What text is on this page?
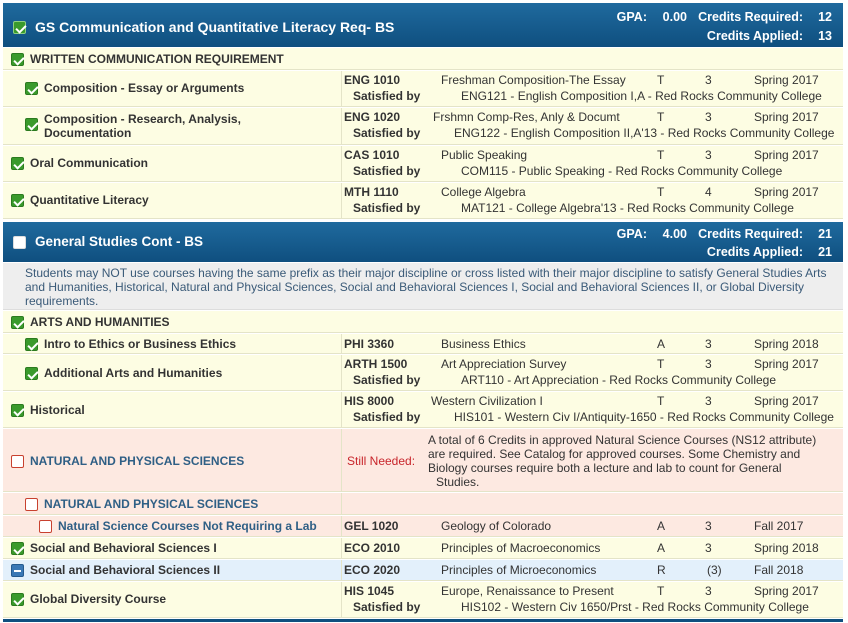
GS Communication and Quantitative Literacy Req- BS
GPA: 0.00 Credits Required: 12
Credits Applied: 13
WRITTEN COMMUNICATION REQUIREMENT
Composition - Essay or Arguments
ENG 1010	Freshman Composition-The Essay	T	3	Spring 2017
Satisfied by	ENG121 - English Composition I,A - Red Rocks Community College
Composition - Research, Analysis,
Documentation
ENG 1020	Frshmn Comp-Res, Anly & Documt	T	3	Spring 2017
Satisfied by	ENG122 - English Composition II,A'13 - Red Rocks Community College
Oral Communication
CAS 1010	Public Speaking	T	3	Spring 2017
Satisfied by	COM115 - Public Speaking - Red Rocks Community College
Quantitative Literacy
MTH 1110	College Algebra	T	4	Spring 2017
Satisfied by	MAT121 - College Algebra'13 - Red Rocks Community College
General Studies Cont - BS	GPA: 4.00 Credits Required: 21
Credits Applied: 21
Students may NOT use courses having the same prefix as their major discipline or cross listed with their major discipline to satisfy General Studies Arts
and Humanities, Historical, Natural and Physical Sciences, Social and Behavioral Sciences I, Social and Behavioral Sciences II, or Global Diversity
requirements.
ARTS AND HUMANITIES
Intro to Ethics or Business Ethics	PHI 3360	Business Ethics	A	3	Spring 2018
Additional Arts and Humanities
ARTH 1500	Art Appreciation Survey	T	3	Spring 2017
Satisfied by	ART110 - Art Appreciation - Red Rocks Community College
Historical
HIS 8000	Western Civilization I	T	3	Spring 2017
Satisfied by	HIS101 - Western Civ I/Antiquity-1650 - Red Rocks Community College
NATURAL AND PHYSICAL SCIENCES	Still Needed:
A total of 6 Credits in approved Natural Science Courses (NS12 attribute)
are required. See Catalog for approved courses. Some Chemistry and
Biology courses require both a lecture and lab to count for General
Studies.
NATURAL AND PHYSICAL SCIENCES
Natural Science Courses Not Requiring a Lab GEL 1020	Geology of Colorado	A	3	Fall 2017
Social and Behavioral Sciences I	ECO 2010	Principles of Macroeconomics	A	3	Spring 2018
Social and Behavioral Sciences II	ECO 2020	Principles of Microeconomics	R	(3)	Fall 2018
Global Diversity Course
HIS 1045	Europe, Renaissance to Present	T	3	Spring 2017
Satisfied by	HIS102 - Western Civ 1650/Prst - Red Rocks Community College
